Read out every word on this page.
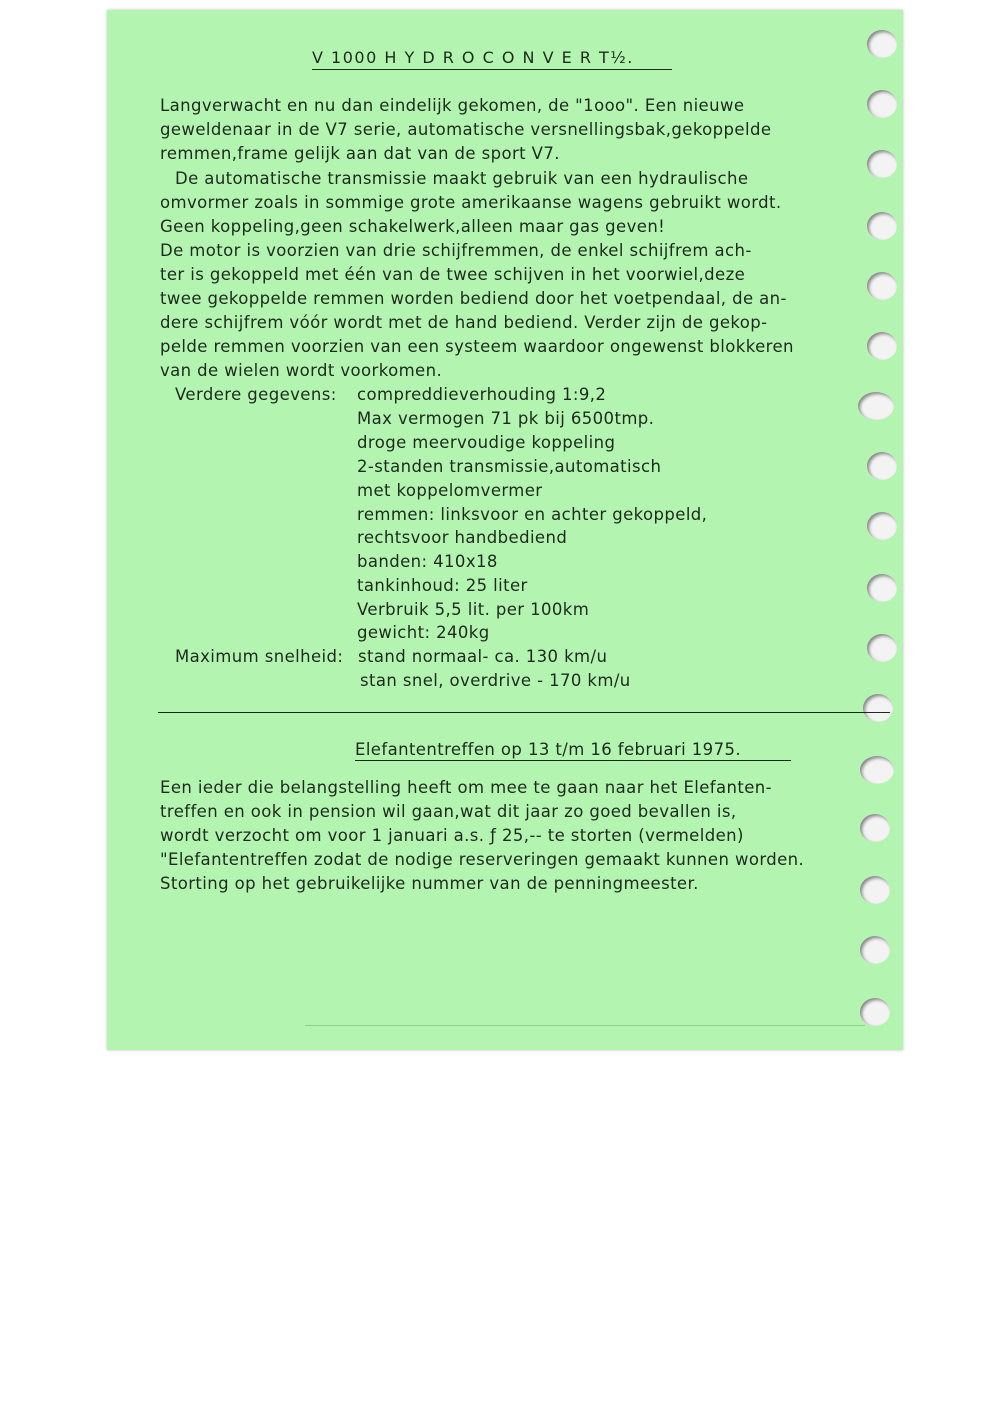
V 1000 H Y D R O C O N V E R T½.
Langverwacht en nu dan eindelijk gekomen, de "1ooo". Een nieuwe
geweldenaar in de V7 serie, automatische versnellingsbak,gekoppelde
remmen,frame gelijk aan dat van de sport V7.
De automatische transmissie maakt gebruik van een hydraulische
omvormer zoals in sommige grote amerikaanse wagens gebruikt wordt.
Geen koppeling,geen schakelwerk,alleen maar gas geven!
De motor is voorzien van drie schijfremmen, de enkel schijfrem ach-
ter is gekoppeld met één van de twee schijven in het voorwiel,deze
twee gekoppelde remmen worden bediend door het voetpendaal, de an-
dere schijfrem vóór wordt met de hand bediend. Verder zijn de gekop-
pelde remmen voorzien van een systeem waardoor ongewenst blokkeren
van de wielen wordt voorkomen.
Verdere gegevens: compreddieverhouding 1:9,2
Max vermogen 71 pk bij 6500tmp.
droge meervoudige koppeling
2-standen transmissie,automatisch
met koppelomvermer
remmen: linksvoor en achter gekoppeld,
rechtsvoor handbediend
banden: 410x18
tankinhoud: 25 liter
Verbruik 5,5 lit. per 100km
gewicht: 240kg
Maximum snelheid: stand normaal- ca. 130 km/u
stan snel, overdrive - 170 km/u
Elefantentreffen op 13 t/m 16 februari 1975.
Een ieder die belangstelling heeft om mee te gaan naar het Elefanten-
treffen en ook in pension wil gaan,wat dit jaar zo goed bevallen is,
wordt verzocht om voor 1 januari a.s. ƒ 25,-- te storten (vermelden)
"Elefantentreffen zodat de nodige reserveringen gemaakt kunnen worden.
Storting op het gebruikelijke nummer van de penningmeester.
